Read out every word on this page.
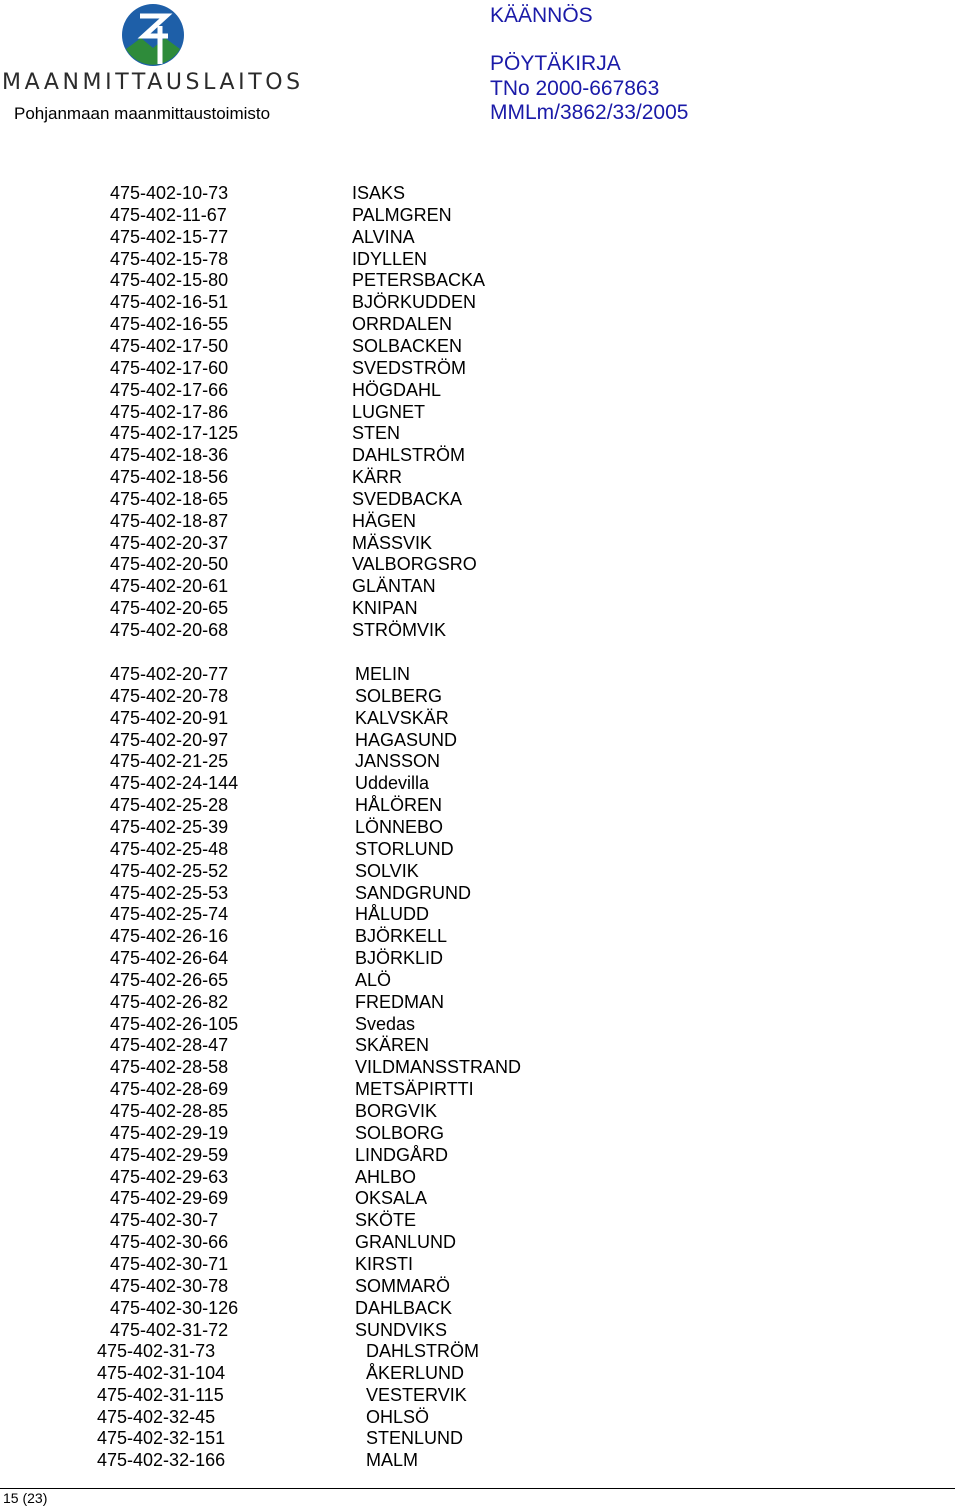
MAANMITTAUSLAITOS
Pohjanmaan maanmittaustoimisto
KÄÄNNÖS
PÖYTÄKIRJA
TNo 2000-667863
MMLm/3862/33/2005
475-402-10-73	ISAKS
475-402-11-67	PALMGREN
475-402-15-77	ALVINA
475-402-15-78	IDYLLEN
475-402-15-80	PETERSBACKA
475-402-16-51	BJÖRKUDDEN
475-402-16-55	ORRDALEN
475-402-17-50	SOLBACKEN
475-402-17-60	SVEDSTRÖM
475-402-17-66	HÖGDAHL
475-402-17-86	LUGNET
475-402-17-125	STEN
475-402-18-36	DAHLSTRÖM
475-402-18-56	KÄRR
475-402-18-65	SVEDBACKA
475-402-18-87	HÄGEN
475-402-20-37	MÄSSVIK
475-402-20-50	VALBORGSRO
475-402-20-61	GLÄNTAN
475-402-20-65	KNIPAN
475-402-20-68	STRÖMVIK
475-402-20-77	MELIN
475-402-20-78	SOLBERG
475-402-20-91	KALVSKÄR
475-402-20-97	HAGASUND
475-402-21-25	JANSSON
475-402-24-144	Uddevilla
475-402-25-28	HÅLÖREN
475-402-25-39	LÖNNEBO
475-402-25-48	STORLUND
475-402-25-52	SOLVIK
475-402-25-53	SANDGRUND
475-402-25-74	HÅLUDD
475-402-26-16	BJÖRKELL
475-402-26-64	BJÖRKLID
475-402-26-65	ALÖ
475-402-26-82	FREDMAN
475-402-26-105	Svedas
475-402-28-47	SKÄREN
475-402-28-58	VILDMANSSTRAND
475-402-28-69	METSÄPIRTTI
475-402-28-85	BORGVIK
475-402-29-19	SOLBORG
475-402-29-59	LINDGÅRD
475-402-29-63	AHLBO
475-402-29-69	OKSALA
475-402-30-7	SKÖTE
475-402-30-66	GRANLUND
475-402-30-71	KIRSTI
475-402-30-78	SOMMARÖ
475-402-30-126	DAHLBACK
475-402-31-72	SUNDVIKS
475-402-31-73	DAHLSTRÖM
475-402-31-104	ÅKERLUND
475-402-31-115	VESTERVIK
475-402-32-45	OHLSÖ
475-402-32-151	STENLUND
475-402-32-166	MALM
15 (23)
